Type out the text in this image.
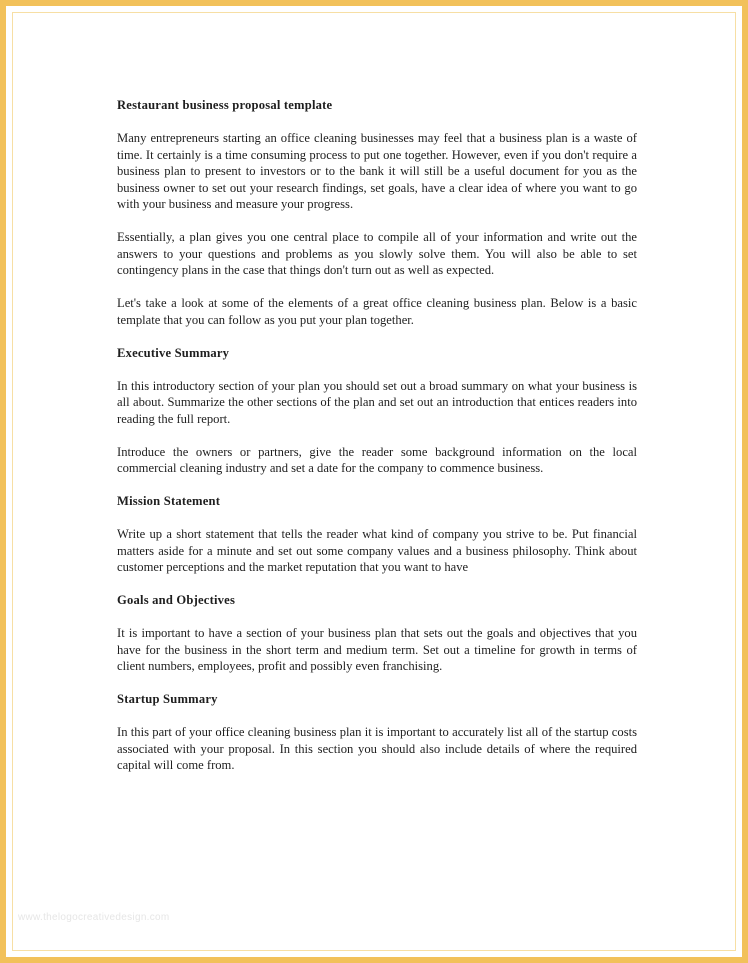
Restaurant business proposal template

Many entrepreneurs starting an office cleaning businesses may feel that a business plan is a waste of time. It certainly is a time consuming process to put one together. However, even if you don't require a business plan to present to investors or to the bank it will still be a useful document for you as the business owner to set out your research findings, set goals, have a clear idea of where you want to go with your business and measure your progress.

Essentially, a plan gives you one central place to compile all of your information and write out the answers to your questions and problems as you slowly solve them. You will also be able to set contingency plans in the case that things don't turn out as well as expected.

Let's take a look at some of the elements of a great office cleaning business plan. Below is a basic template that you can follow as you put your plan together.

Executive Summary

In this introductory section of your plan you should set out a broad summary on what your business is all about. Summarize the other sections of the plan and set out an introduction that entices readers into reading the full report.

Introduce the owners or partners, give the reader some background information on the local commercial cleaning industry and set a date for the company to commence business.

Mission Statement

Write up a short statement that tells the reader what kind of company you strive to be. Put financial matters aside for a minute and set out some company values and a business philosophy. Think about customer perceptions and the market reputation that you want to have

Goals and Objectives

It is important to have a section of your business plan that sets out the goals and objectives that you have for the business in the short term and medium term. Set out a timeline for growth in terms of client numbers, employees, profit and possibly even franchising.

Startup Summary

In this part of your office cleaning business plan it is important to accurately list all of the startup costs associated with your proposal. In this section you should also include details of where the required capital will come from.

www.thelogocreativedesign.com
